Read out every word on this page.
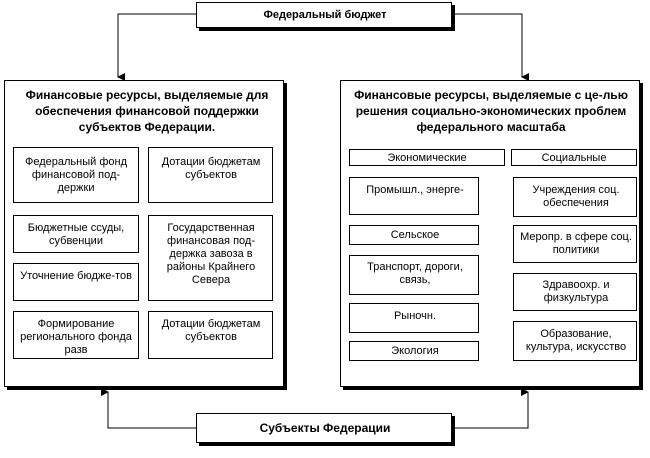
Федеральный бюджет
Финансовые ресурсы, выделяемые для обеспечения финансовой поддержки субъектов Федерации.
Федеральный фонд финансовой под-держки
Дотации бюджетам субъектов
Бюджетные ссуды, субвенции
Государственная финансовая под-держка завоза в районы Крайнего Севера
Уточнение бюдже-тов
Формирование регионального фонда разв
Дотации бюджетам субъектов
Финансовые ресурсы, выделяемые с це-лью решения социально-экономических проблем федерального масштаба
Экономические	Социальные
Промышл., энерге-
Сельское
Транспорт, дороги, связь,
Рыночн.
Экология
Учреждения соц. обеспечения
Меропр. в сфере соц. политики
Здравоохр. и физкультура
Образование, культура, искусство
Субъекты Федерации
